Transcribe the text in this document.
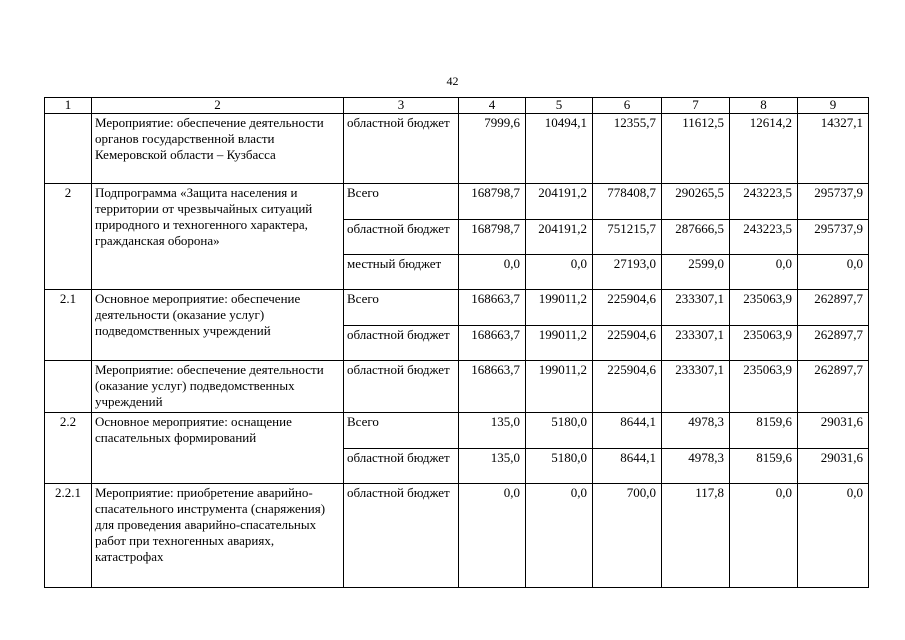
42
1	2	3	4	5	6	7	8	9
	Мероприятие: обеспечение деятельности органов государственной власти Кемеровской области – Кузбасса	областной бюджет	7999,6	10494,1	12355,7	11612,5	12614,2	14327,1
2	Подпрограмма «Защита населения и территории от чрезвычайных ситуаций природного и техногенного характера, гражданская оборона»	Всего	168798,7	204191,2	778408,7	290265,5	243223,5	295737,9
		областной бюджет	168798,7	204191,2	751215,7	287666,5	243223,5	295737,9
		местный бюджет	0,0	0,0	27193,0	2599,0	0,0	0,0
2.1	Основное мероприятие: обеспечение деятельности (оказание услуг) подведомственных учреждений	Всего	168663,7	199011,2	225904,6	233307,1	235063,9	262897,7
		областной бюджет	168663,7	199011,2	225904,6	233307,1	235063,9	262897,7
	Мероприятие: обеспечение деятельности (оказание услуг) подведомственных учреждений	областной бюджет	168663,7	199011,2	225904,6	233307,1	235063,9	262897,7
2.2	Основное мероприятие: оснащение спасательных формирований	Всего	135,0	5180,0	8644,1	4978,3	8159,6	29031,6
		областной бюджет	135,0	5180,0	8644,1	4978,3	8159,6	29031,6
2.2.1	Мероприятие: приобретение аварийно-спасательного инструмента (снаряжения) для проведения аварийно-спасательных работ при техногенных авариях, катастрофах	областной бюджет	0,0	0,0	700,0	117,8	0,0	0,0
